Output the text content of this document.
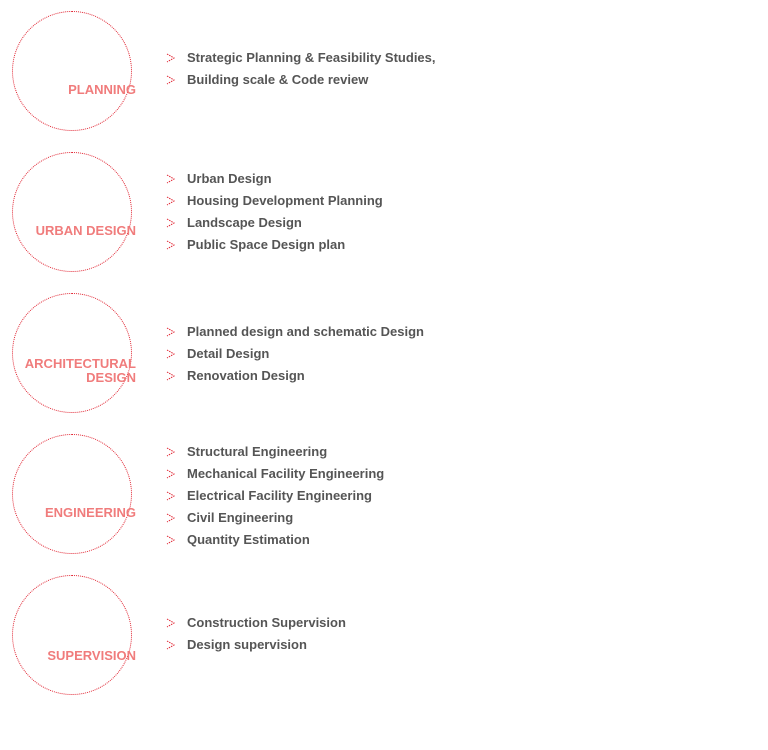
PLANNING
Strategic Planning & Feasibility Studies,
Building scale & Code review
URBAN DESIGN
Urban Design
Housing Development Planning
Landscape Design
Public Space Design plan
ARCHITECTURAL
DESIGN
Planned design and schematic Design
Detail Design
Renovation Design
ENGINEERING
Structural Engineering
Mechanical Facility Engineering
Electrical Facility Engineering
Civil Engineering
Quantity Estimation
SUPERVISION
Construction Supervision
Design supervision
